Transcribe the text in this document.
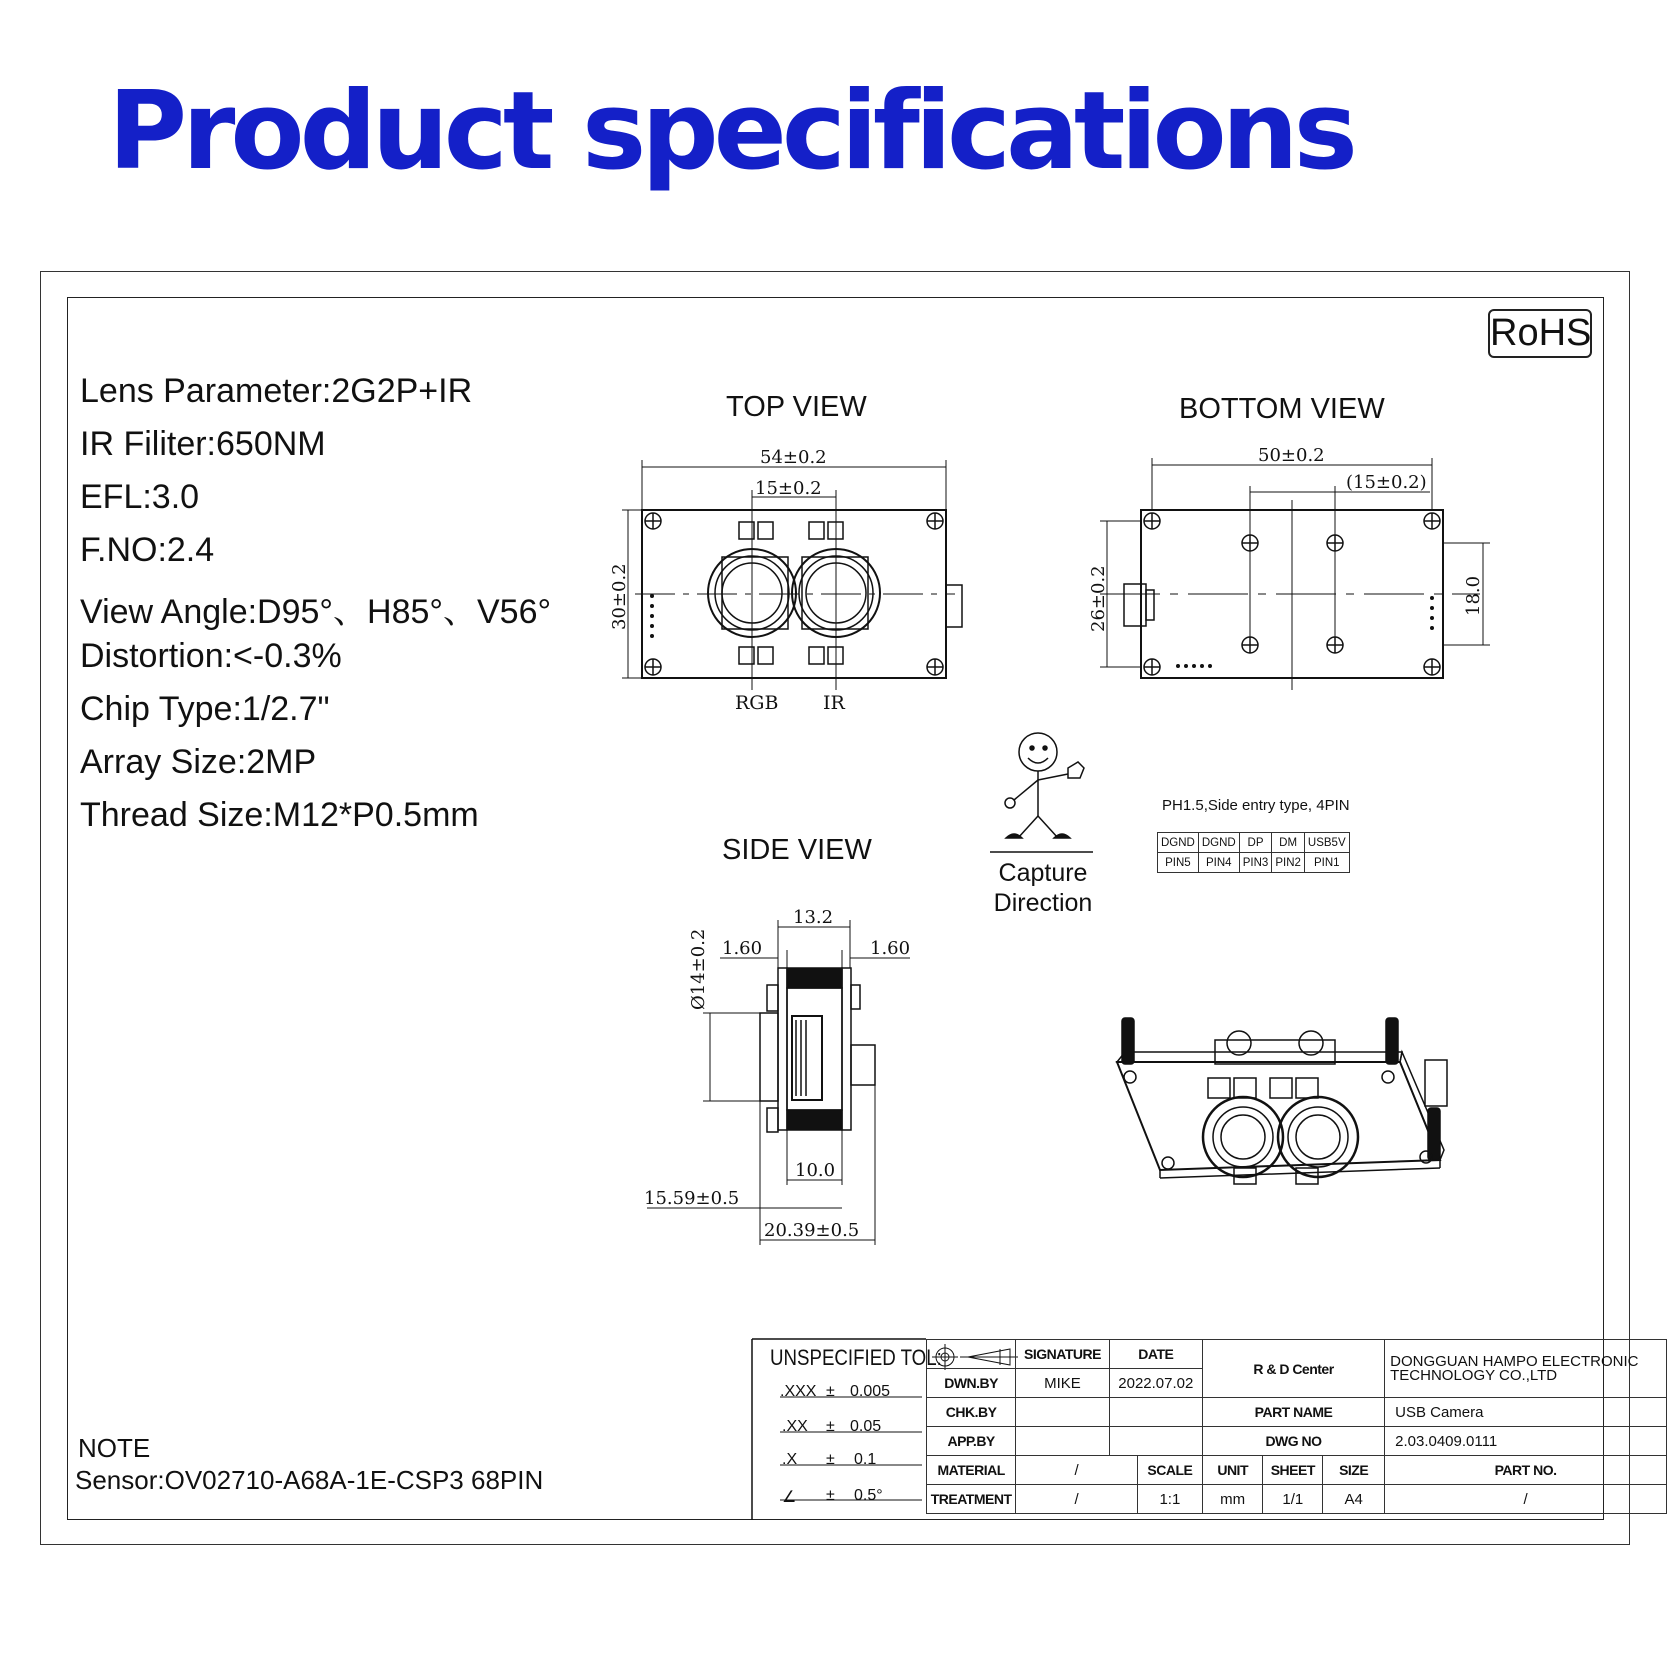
Product specifications
RoHS
Lens Parameter:2G2P+IR
IR Filiter:650NM
EFL:3.0
F.NO:2.4
View Angle:D95°、H85°、V56°
Distortion:<-0.3%
Chip Type:1/2.7"
Array Size:2MP
Thread Size:M12*P0.5mm
TOP VIEW	BOTTOM VIEW
SIDE VIEW
54±0.2
15±0.2
30±0.2
RGB IR
50±0.2
(15±0.2)
26±0.2	18.0
13.2
1.60	1.60
Ø14±0.2
10.0
15.59±0.5
20.39±0.5
Capture
Direction
PH1.5,Side entry type, 4PIN
DGND	DGND	DP	DM	USB5V
PIN5	PIN4	PIN3	PIN2	PIN1
NOTE
Sensor:OV02710-A68A-1E-CSP3 68PIN
UNSPECIFIED TOL:
.XXX ± 0.005
.XX ± 0.05
.X ± 0.1
∠ ± 0.5°
	SIGNATURE	DATE		R & D Center			DONGGUAN HAMPO ELECTRONIC TECHNOLOGY CO.,LTD
DWN.BY	MIKE	2022.07.02					
CHK.BY				PART NAME			USB Camera
APP.BY				DWG NO			2.03.0409.0111
MATERIAL	/		SCALE	UNIT	SHEET	SIZE	PART NO.
TREATMENT	/		1:1	mm	1/1	A4	/
